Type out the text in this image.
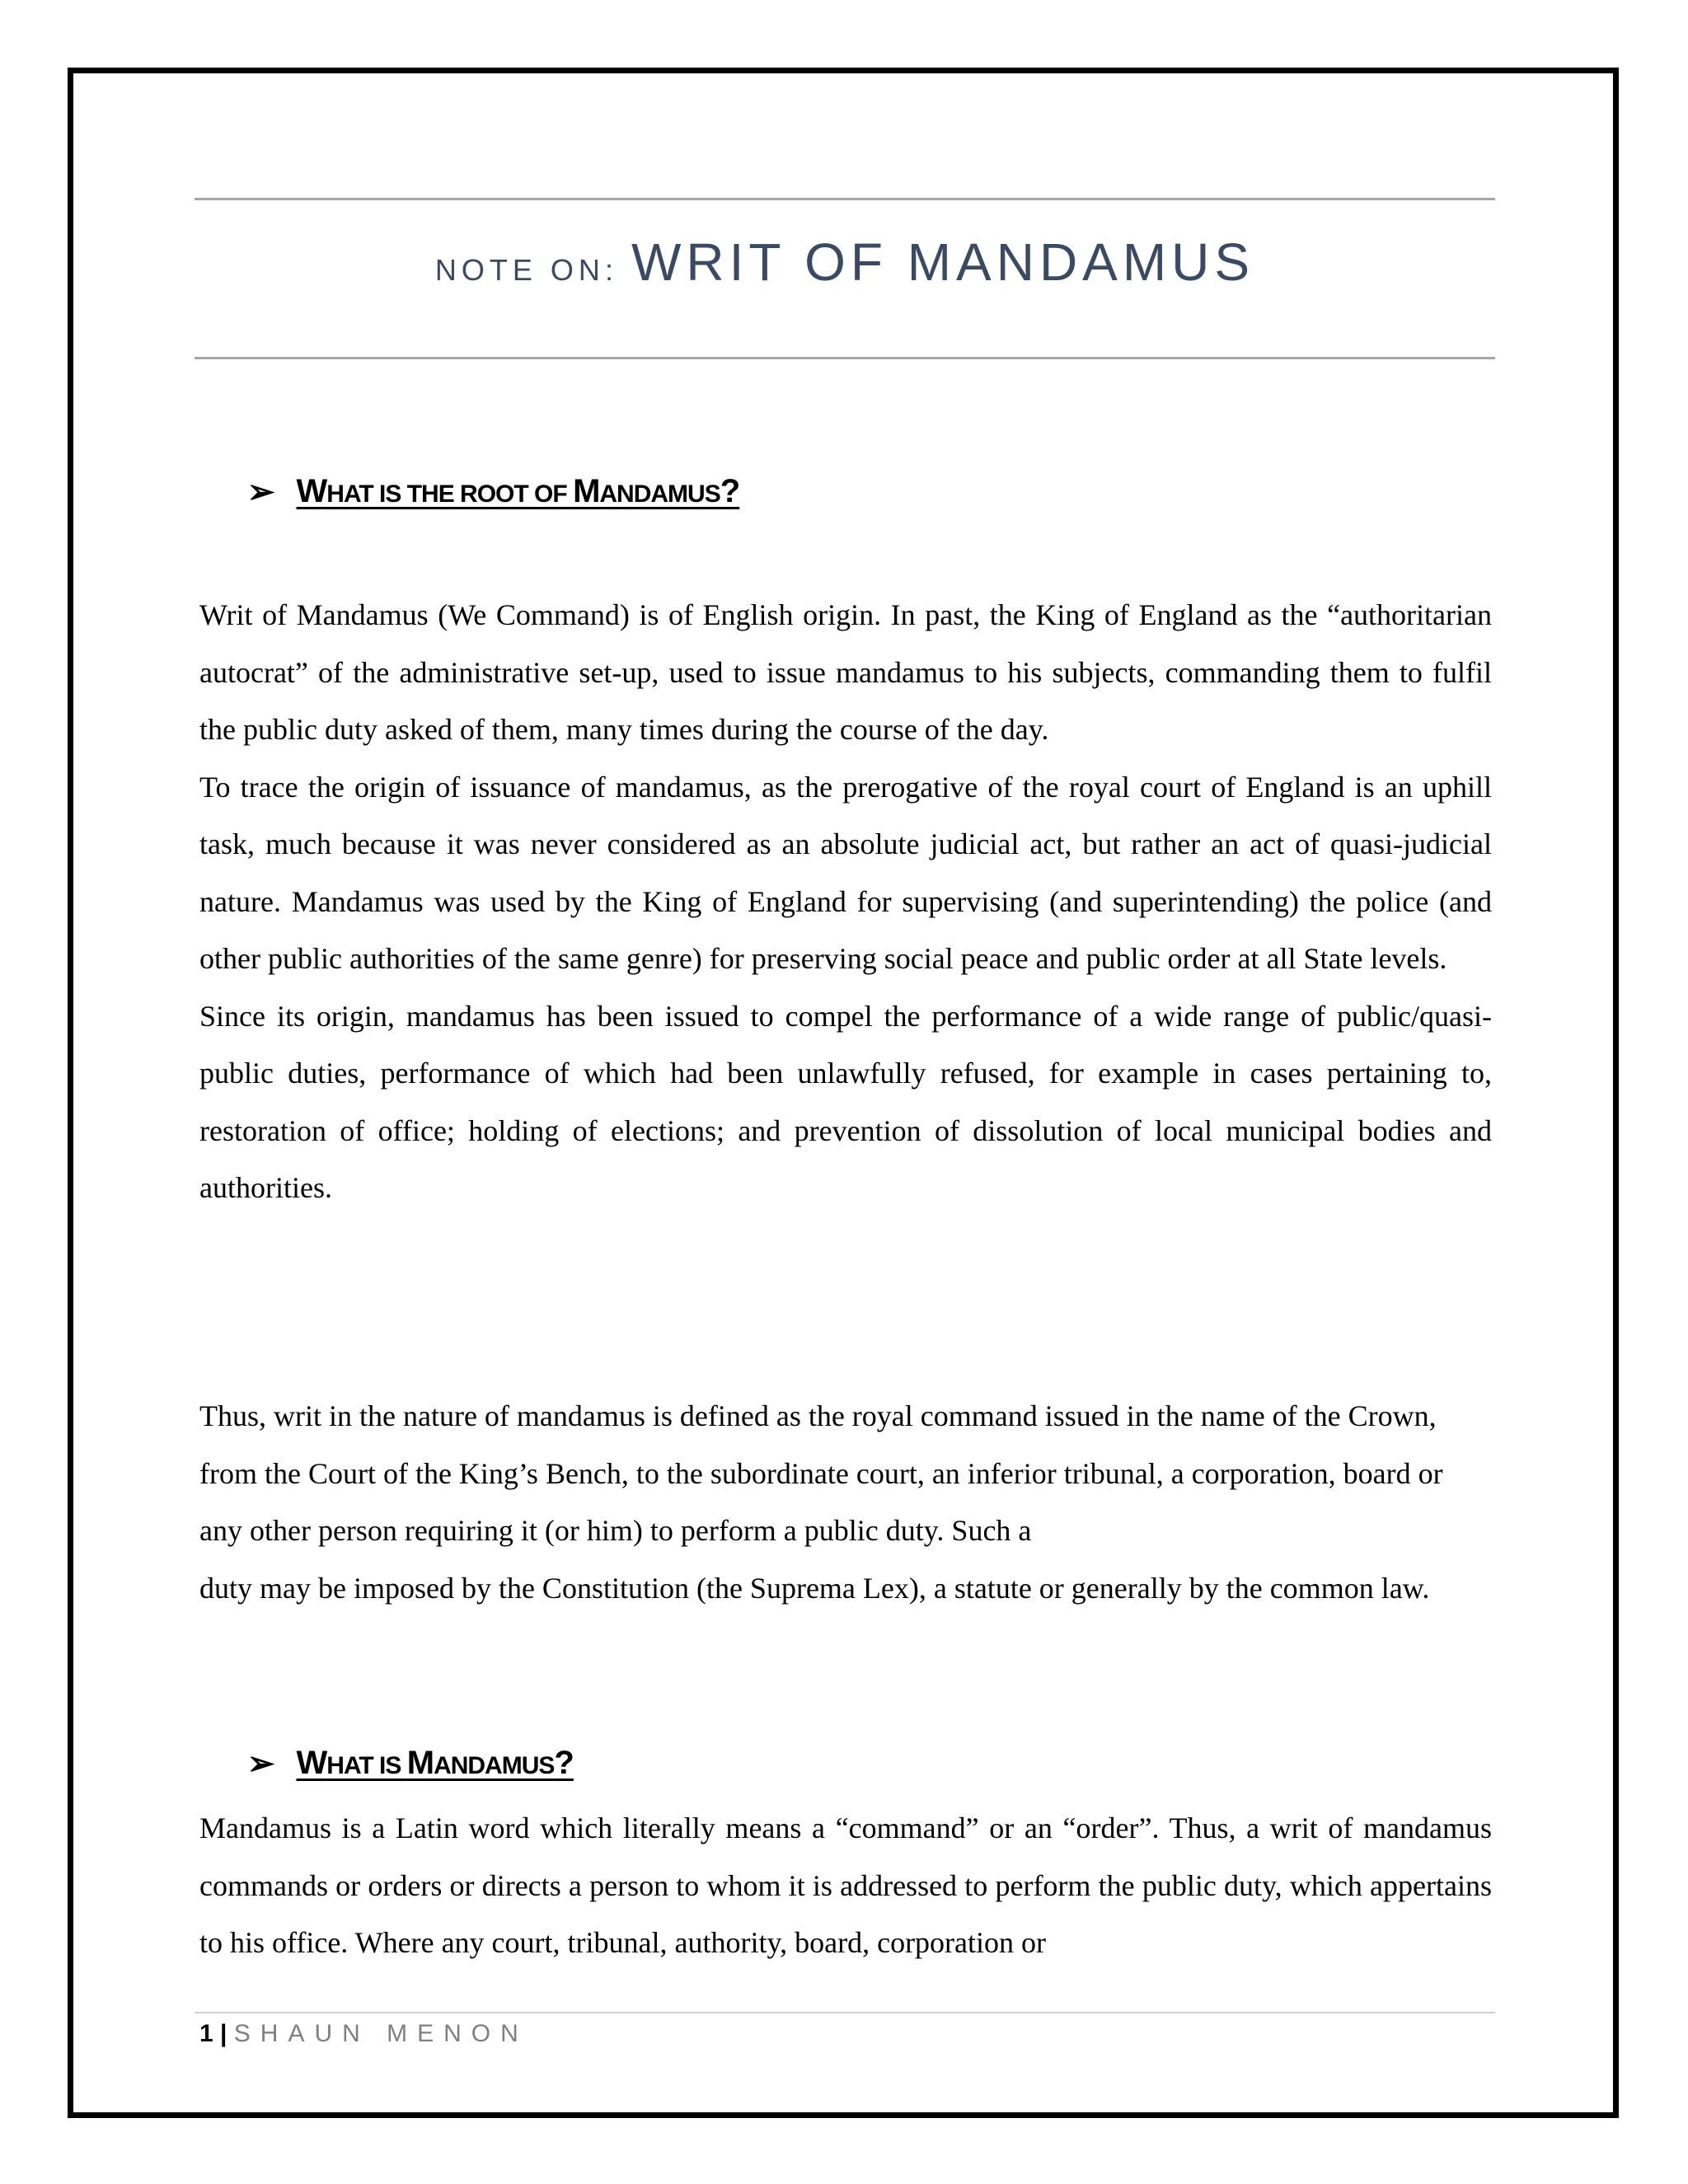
NOTE ON: WRIT OF MANDAMUS
➢ WHAT IS THE ROOT OF MANDAMUS?

Writ of Mandamus (We Command) is of English origin. In past, the King of England as the “authoritarian autocrat” of the administrative set-up, used to issue mandamus to his subjects, commanding them to fulfil the public duty asked of them, many times during the course of the day.

To trace the origin of issuance of mandamus, as the prerogative of the royal court of England is an uphill task, much because it was never considered as an absolute judicial act, but rather an act of quasi-judicial nature. Mandamus was used by the King of England for supervising (and superintending) the police (and other public authorities of the same genre) for preserving social peace and public order at all State levels.

Since its origin, mandamus has been issued to compel the performance of a wide range of public/quasi-public duties, performance of which had been unlawfully refused, for example in cases pertaining to, restoration of office; holding of elections; and prevention of dissolution of local municipal bodies and authorities.

Thus, writ in the nature of mandamus is defined as the royal command issued in the name of the Crown, from the Court of the King’s Bench, to the subordinate court, an inferior tribunal, a corporation, board or any other person requiring it (or him) to perform a public duty. Such a

duty may be imposed by the Constitution (the Suprema Lex), a statute or generally by the common law.

➢ WHAT IS MANDAMUS?

Mandamus is a Latin word which literally means a “command” or an “order”. Thus, a writ of mandamus commands or orders or directs a person to whom it is addressed to perform the public duty, which appertains to his office. Where any court, tribunal, authority, board, corporation or

1 | SHAUN MENON
